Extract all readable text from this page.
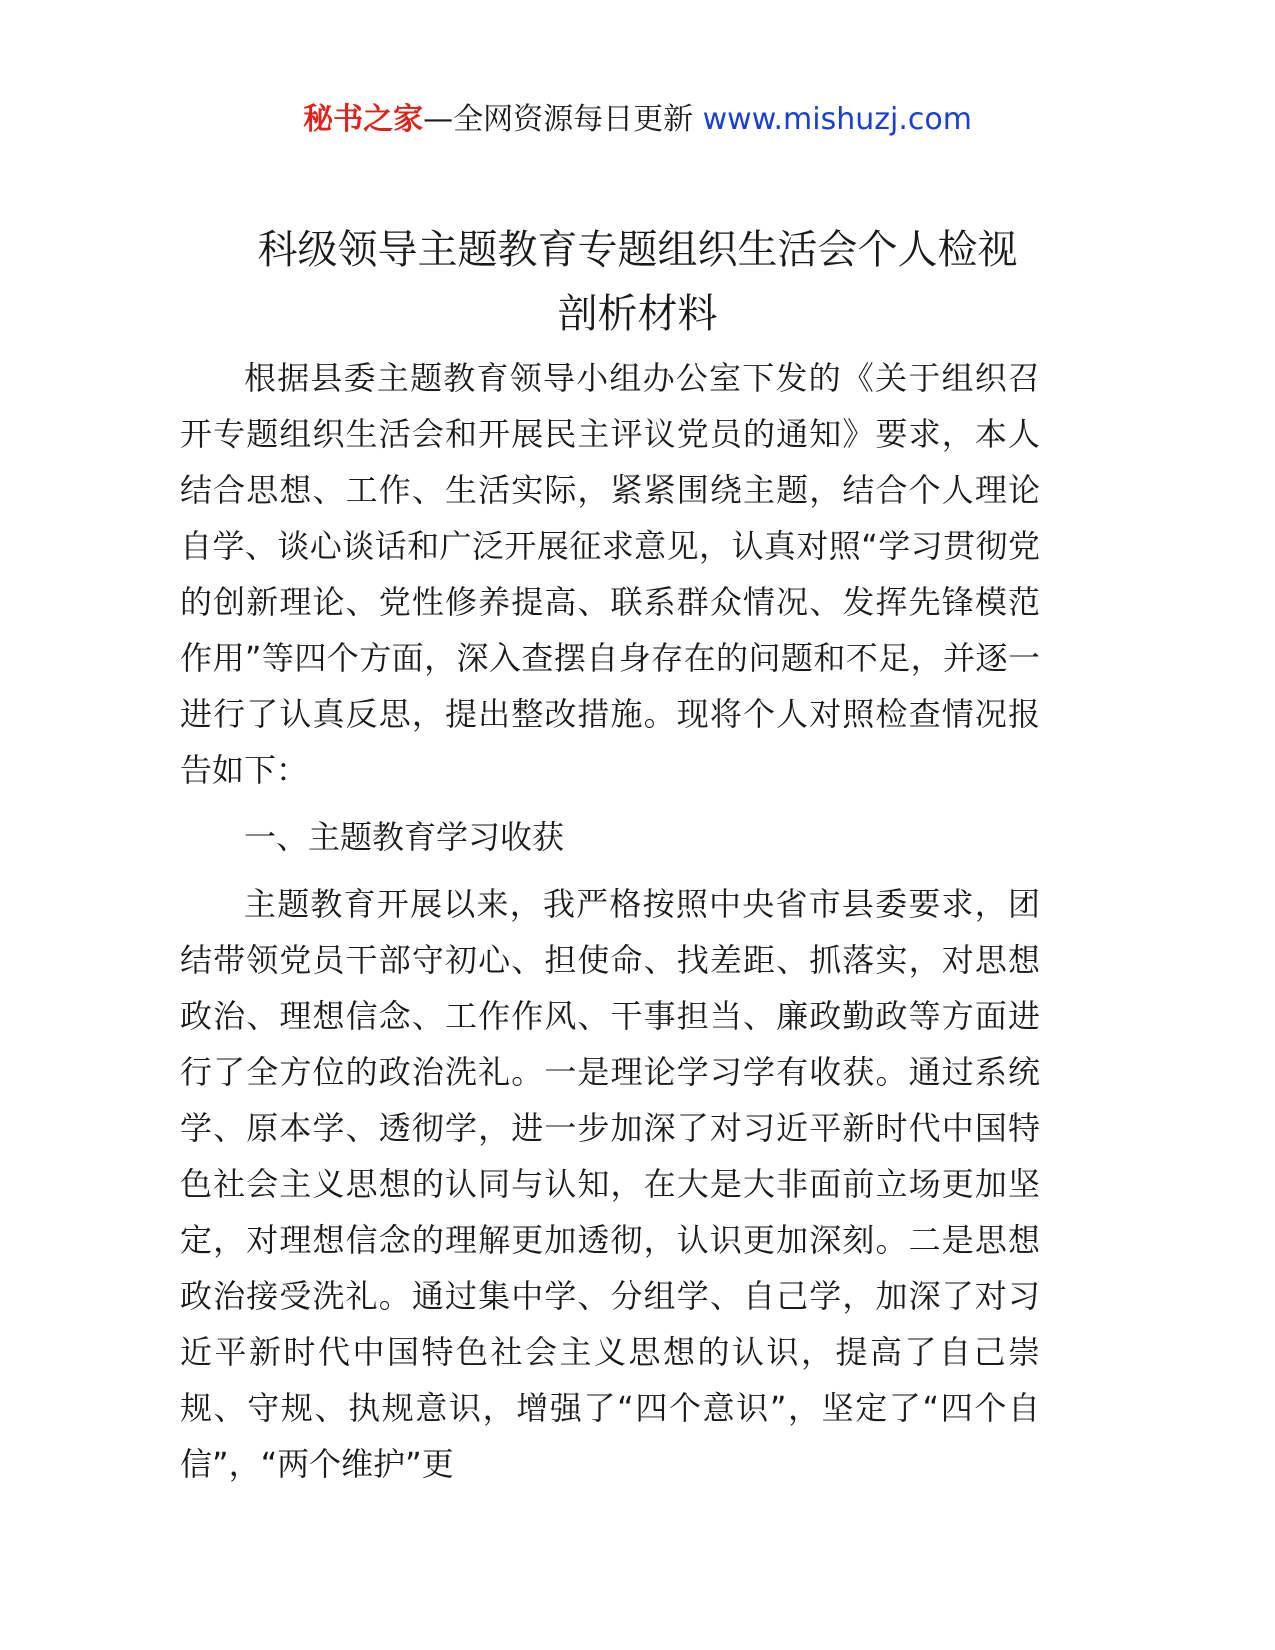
秘书之家—全网资源每日更新 www.mishuzj.com
科级领导主题教育专题组织生活会个人检视
剖析材料

根据县委主题教育领导小组办公室下发的《关于组织召开专题组织生活会和开展民主评议党员的通知》要求，本人结合思想、工作、生活实际，紧紧围绕主题，结合个人理论自学、谈心谈话和广泛开展征求意见，认真对照“学习贯彻党的创新理论、党性修养提高、联系群众情况、发挥先锋模范作用”等四个方面，深入查摆自身存在的问题和不足，并逐一进行了认真反思，提出整改措施。现将个人对照检查情况报告如下：

一、主题教育学习收获

主题教育开展以来，我严格按照中央省市县委要求，团结带领党员干部守初心、担使命、找差距、抓落实，对思想政治、理想信念、工作作风、干事担当、廉政勤政等方面进行了全方位的政治洗礼。一是理论学习学有收获。通过系统学、原本学、透彻学，进一步加深了对习近平新时代中国特色社会主义思想的认同与认知，在大是大非面前立场更加坚定，对理想信念的理解更加透彻，认识更加深刻。二是思想政治接受洗礼。通过集中学、分组学、自己学，加深了对习近平新时代中国特色社会主义思想的认识，提高了自己崇规、守规、执规意识，增强了“四个意识”，坚定了“四个自信”，“两个维护”更
